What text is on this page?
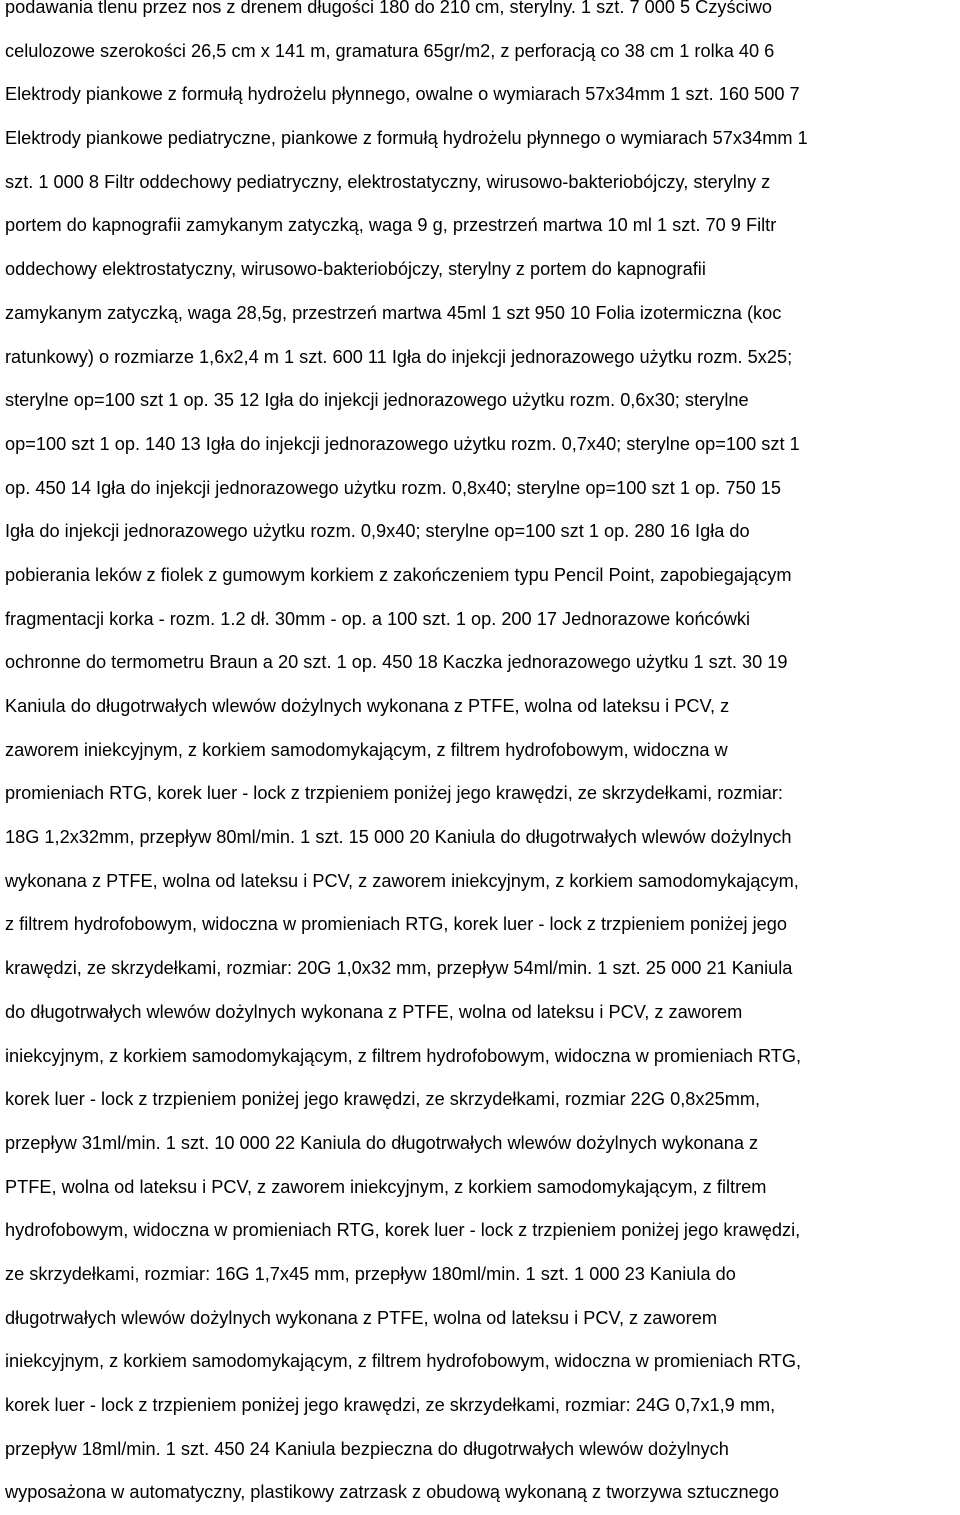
podawania tlenu przez nos z drenem długości 180 do 210 cm, sterylny. 1 szt. 7 000 5 Czyściwo
celulozowe szerokości 26,5 cm x 141 m, gramatura 65gr/m2, z perforacją co 38 cm 1 rolka 40 6
Elektrody piankowe z formułą hydrożelu płynnego, owalne o wymiarach 57x34mm 1 szt. 160 500 7
Elektrody piankowe pediatryczne, piankowe z formułą hydrożelu płynnego o wymiarach 57x34mm 1
szt. 1 000 8 Filtr oddechowy pediatryczny, elektrostatyczny, wirusowo-bakteriobójczy, sterylny z
portem do kapnografii zamykanym zatyczką, waga 9 g, przestrzeń martwa 10 ml 1 szt. 70 9 Filtr
oddechowy elektrostatyczny, wirusowo-bakteriobójczy, sterylny z portem do kapnografii
zamykanym zatyczką, waga 28,5g, przestrzeń martwa 45ml 1 szt 950 10 Folia izotermiczna (koc
ratunkowy) o rozmiarze 1,6x2,4 m 1 szt. 600 11 Igła do injekcji jednorazowego użytku rozm. 5x25;
sterylne op=100 szt 1 op. 35 12 Igła do injekcji jednorazowego użytku rozm. 0,6x30; sterylne
op=100 szt 1 op. 140 13 Igła do injekcji jednorazowego użytku rozm. 0,7x40; sterylne op=100 szt 1
op. 450 14 Igła do injekcji jednorazowego użytku rozm. 0,8x40; sterylne op=100 szt 1 op. 750 15
Igła do injekcji jednorazowego użytku rozm. 0,9x40; sterylne op=100 szt 1 op. 280 16 Igła do
pobierania leków z fiolek z gumowym korkiem z zakończeniem typu Pencil Point, zapobiegającym
fragmentacji korka - rozm. 1.2 dł. 30mm - op. a 100 szt. 1 op. 200 17 Jednorazowe końcówki
ochronne do termometru Braun a 20 szt. 1 op. 450 18 Kaczka jednorazowego użytku 1 szt. 30 19
Kaniula do długotrwałych wlewów dożylnych wykonana z PTFE, wolna od lateksu i PCV, z
zaworem iniekcyjnym, z korkiem samodomykającym, z filtrem hydrofobowym, widoczna w
promieniach RTG, korek luer - lock z trzpieniem poniżej jego krawędzi, ze skrzydełkami, rozmiar:
18G 1,2x32mm, przepływ 80ml/min. 1 szt. 15 000 20 Kaniula do długotrwałych wlewów dożylnych
wykonana z PTFE, wolna od lateksu i PCV, z zaworem iniekcyjnym, z korkiem samodomykającym,
z filtrem hydrofobowym, widoczna w promieniach RTG, korek luer - lock z trzpieniem poniżej jego
krawędzi, ze skrzydełkami, rozmiar: 20G 1,0x32 mm, przepływ 54ml/min. 1 szt. 25 000 21 Kaniula
do długotrwałych wlewów dożylnych wykonana z PTFE, wolna od lateksu i PCV, z zaworem
iniekcyjnym, z korkiem samodomykającym, z filtrem hydrofobowym, widoczna w promieniach RTG,
korek luer - lock z trzpieniem poniżej jego krawędzi, ze skrzydełkami, rozmiar 22G 0,8x25mm,
przepływ 31ml/min. 1 szt. 10 000 22 Kaniula do długotrwałych wlewów dożylnych wykonana z
PTFE, wolna od lateksu i PCV, z zaworem iniekcyjnym, z korkiem samodomykającym, z filtrem
hydrofobowym, widoczna w promieniach RTG, korek luer - lock z trzpieniem poniżej jego krawędzi,
ze skrzydełkami, rozmiar: 16G 1,7x45 mm, przepływ 180ml/min. 1 szt. 1 000 23 Kaniula do
długotrwałych wlewów dożylnych wykonana z PTFE, wolna od lateksu i PCV, z zaworem
iniekcyjnym, z korkiem samodomykającym, z filtrem hydrofobowym, widoczna w promieniach RTG,
korek luer - lock z trzpieniem poniżej jego krawędzi, ze skrzydełkami, rozmiar: 24G 0,7x1,9 mm,
przepływ 18ml/min. 1 szt. 450 24 Kaniula bezpieczna do długotrwałych wlewów dożylnych
wyposażona w automatyczny, plastikowy zatrzask z obudową wykonaną z tworzywa sztucznego
